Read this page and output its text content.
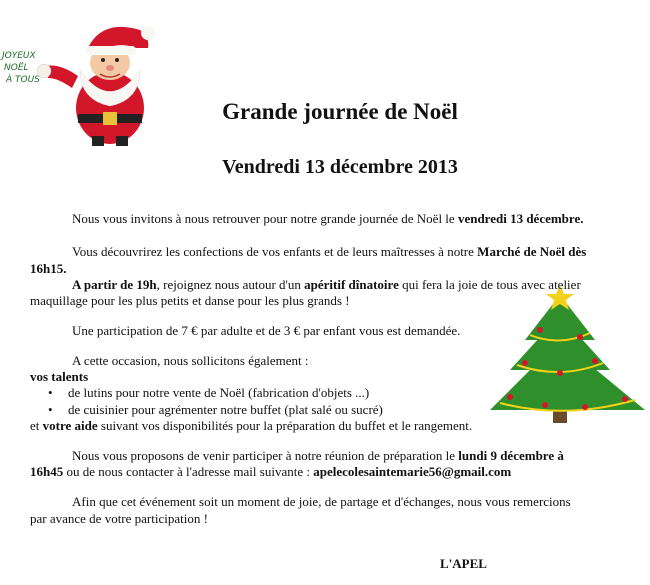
JOYEUX
NOËL
À TOUS
Grande journée de Noël
Vendredi 13 décembre 2013

Nous vous invitons à nous retrouver pour notre grande journée de Noël le vendredi 13 décembre.

Vous découvrirez les confections de vos enfants et de leurs maîtresses à notre Marché de Noël dès

16h15.

A partir de 19h, rejoignez nous autour d'un apéritif dînatoire qui fera la joie de tous avec atelier

maquillage pour les plus petits et danse pour les plus grands !

Une participation de 7 € par adulte et de 3 € par enfant vous est demandée.

A cette occasion, nous sollicitons également :

vos talents

• de lutins pour notre vente de Noël (fabrication d'objets ...)
• de cuisinier pour agrémenter notre buffet (plat salé ou sucré)

et votre aide suivant vos disponibilités pour la préparation du buffet et le rangement.

Nous vous proposons de venir participer à notre réunion de préparation le lundi 9 décembre à

16h45 ou de nous contacter à l'adresse mail suivante : apelecolesaintemarie56@gmail.com

Afin que cet événement soit un moment de joie, de partage et d'échanges, nous vous remercions

par avance de votre participation !

L'APEL
